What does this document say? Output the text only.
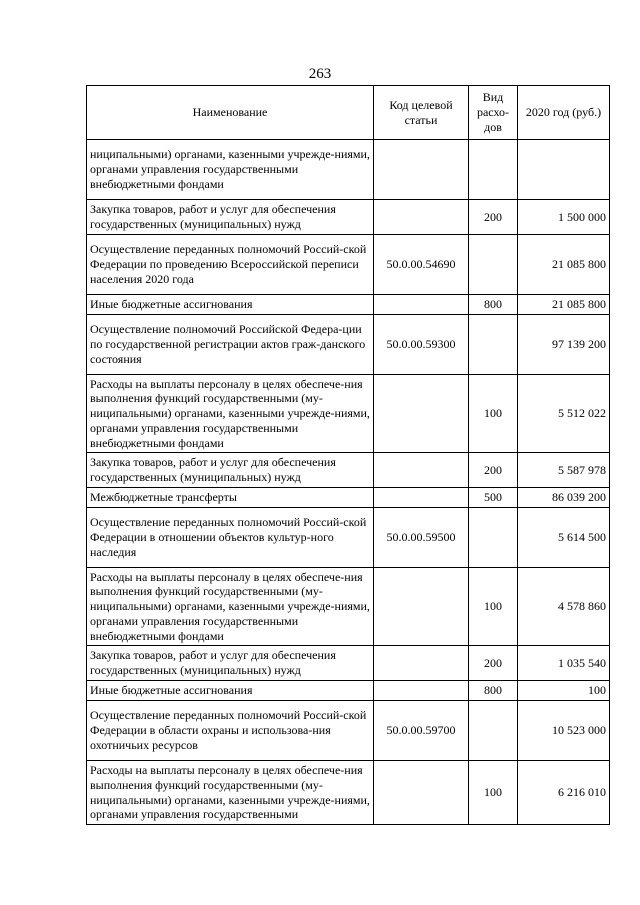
263
Наименование	Код целевой статьи	Вид расхо-дов	2020 год (руб.)
ниципальными) органами, казенными учрежде-ниями, органами управления государственными внебюджетными фондами			
Закупка товаров, работ и услуг для обеспечения государственных (муниципальных) нужд		200	1 500 000
Осуществление переданных полномочий Россий-ской Федерации по проведению Всероссийской переписи населения 2020 года	50.0.00.54690		21 085 800
Иные бюджетные ассигнования		800	21 085 800
Осуществление полномочий Российской Федера-ции по государственной регистрации актов граж-данского состояния	50.0.00.59300		97 139 200
Расходы на выплаты персоналу в целях обеспече-ния выполнения функций государственными (му-ниципальными) органами, казенными учрежде-ниями, органами управления государственными внебюджетными фондами		100	5 512 022
Закупка товаров, работ и услуг для обеспечения государственных (муниципальных) нужд		200	5 587 978
Межбюджетные трансферты		500	86 039 200
Осуществление переданных полномочий Россий-ской Федерации в отношении объектов культур-ного наследия	50.0.00.59500		5 614 500
Расходы на выплаты персоналу в целях обеспече-ния выполнения функций государственными (му-ниципальными) органами, казенными учрежде-ниями, органами управления государственными внебюджетными фондами		100	4 578 860
Закупка товаров, работ и услуг для обеспечения государственных (муниципальных) нужд		200	1 035 540
Иные бюджетные ассигнования		800	100
Осуществление переданных полномочий Россий-ской Федерации в области охраны и использова-ния охотничьих ресурсов	50.0.00.59700		10 523 000
Расходы на выплаты персоналу в целях обеспече-ния выполнения функций государственными (му-ниципальными) органами, казенными учрежде-ниями, органами управления государственными		100	6 216 010
